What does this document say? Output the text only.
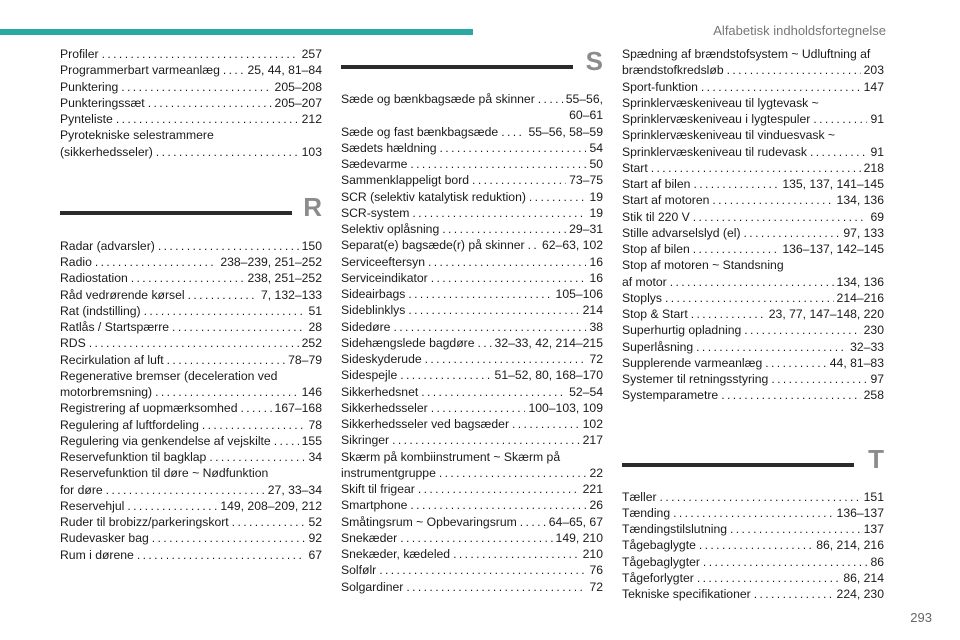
Alfabetisk indholdsfortegnelse
Profiler . . .	257
Programmerbart varmeanlæg . . . 25, 44, 81–84
Punktering . . .	205–208
Punkteringssæt . . .	205–207
Pynteliste . . .	212
Pyrotekniske selestrammere
(sikkerhedsseler) . . .	103
R
Radar (advarsler) . . .	150
Radio . . .	238–239, 251–252
Radiostation . . .	238, 251–252
Råd vedrørende kørsel . . .	7, 132–133
Rat (indstilling) . . .	51
Ratlås / Startspærre . . .	28
RDS . . .	252
Recirkulation af luft . . .	78–79
Regenerative bremser (deceleration ved
motorbremsning) . . .	146
Registrering af uopmærksomhed . . .	167–168
Regulering af luftfordeling . . .	78
Regulering via genkendelse af vejskilte . . .	155
Reservefunktion til bagklap . . .	34
Reservefunktion til døre ~ Nødfunktion
for døre . . .	27, 33–34
Reservehjul . . .	149, 208–209, 212
Ruder til brobizz/parkeringskort . . .	52
Rudevasker bag . . .	92
Rum i dørene . . .	67
S
Sæde og bænkbagsæde på skinner . . .	55–56,
60–61
Sæde og fast bænkbagsæde . . . 55–56, 58–59
Sædets hældning . . .	54
Sædevarme . . .	50
Sammenklappeligt bord . . .	73–75
SCR (selektiv katalytisk reduktion) . . .	19
SCR-system . . .	19
Selektiv oplåsning . . .	29–31
Separat(e) bagsæde(r) på skinner . . . 62–63, 102
Serviceeftersyn . . .	16
Serviceindikator . . .	16
Sideairbags . . .	105–106
Sideblinklys . . .	214
Sidedøre . . .	38
Sidehængslede bagdøre . . . 32–33, 42, 214–215
Sideskyderude . . .	72
Sidespejle . . .	51–52, 80, 168–170
Sikkerhedsnet . . .	52–54
Sikkerhedsseler . . .	100–103, 109
Sikkerhedsseler ved bagsæder . . .	102
Sikringer . . .	217
Skærm på kombiinstrument ~ Skærm på
instrumentgruppe . . .	22
Skift til frigear . . .	221
Smartphone . . .	26
Småtingsrum ~ Opbevaringsrum . . .	64–65, 67
Snekæder . . .	149, 210
Snekæder, kædeled . . .	210
Solfølr . . .	76
Solgardiner . . .	72
Spædning af brændstofsystem ~ Udluftning af
brændstofkredsløb . . .	203
Sport-funktion . . .	147
Sprinklervæskeniveau til lygtevask ~
Sprinklervæskeniveau i lygtespuler . . .	91
Sprinklervæskeniveau til vinduesvask ~
Sprinklervæskeniveau til rudevask . . .	91
Start . . .	218
Start af bilen . . .	135, 137, 141–145
Start af motoren . . .	134, 136
Stik til 220 V . . .	69
Stille advarselslyd (el) . . .	97, 133
Stop af bilen . . .	136–137, 142–145
Stop af motoren ~ Standsning
af motor . . .	134, 136
Stoplys . . .	214–216
Stop & Start . . .	23, 77, 147–148, 220
Superhurtig opladning . . .	230
Superlåsning . . .	32–33
Supplerende varmeanlæg . . .	44, 81–83
Systemer til retningsstyring . . .	97
Systemparametre . . .	258
T
Tæller . . .	151
Tænding . . .	136–137
Tændingstilslutning . . .	137
Tågebaglygte . . .	86, 214, 216
Tågebaglygter . . .	86
Tågeforlygter . . .	86, 214
Tekniske specifikationer . . .	224, 230
293
